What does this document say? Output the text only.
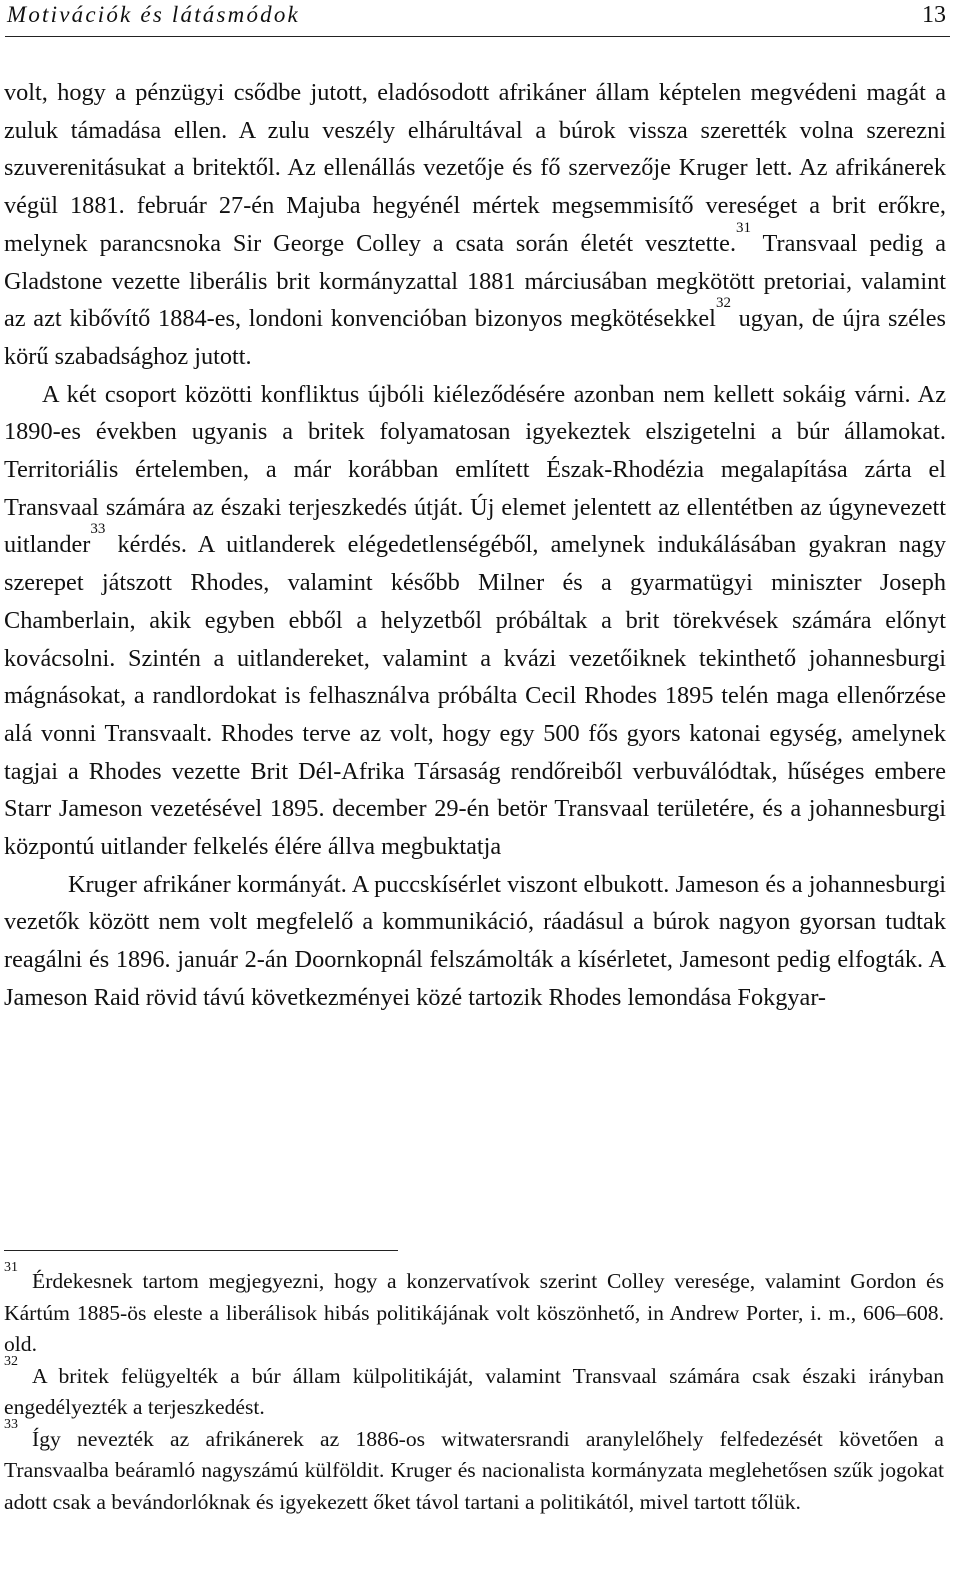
Motivációk és látásmódok	13

volt, hogy a pénzügyi csődbe jutott, eladósodott afrikáner állam képtelen megvédeni magát a zuluk támadása ellen. A zulu veszély elhárultával a búrok vissza szerették volna szerezni szuverenitásukat a britektől. Az ellenállás vezetője és fő szervezője Kruger lett. Az afrikánerek végül 1881. február 27-én Majuba hegyénél mértek megsemmisítő vereséget a brit erőkre, melynek parancsnoka Sir George Colley a csata során életét vesztette.$^{31}$ Transvaal pedig a Gladstone vezette liberális brit kormányzattal 1881 márciusában megkötött pretoriai, valamint az azt kibővítő 1884-es, londoni konvencióban bizonyos megkötésekkel$^{32}$ ugyan, de újra széles körű szabadsághoz jutott.

A két csoport közötti konfliktus újbóli kiéleződésére azonban nem kellett sokáig várni. Az 1890-es években ugyanis a britek folyamatosan igyekeztek elszigetelni a búr államokat. Territoriális értelemben, a már korábban említett Észak-Rhodézia megalapítása zárta el Transvaal számára az északi terjeszkedés útját. Új elemet jelentett az ellentétben az úgynevezett uitlander$^{33}$ kérdés. A uitlanderek elégedetlenségéből, amelynek indukálásában gyakran nagy szerepet játszott Rhodes, valamint később Milner és a gyarmatügyi miniszter Joseph Chamberlain, akik egyben ebből a helyzetből próbáltak a brit törekvések számára előnyt kovácsolni. Szintén a uitlandereket, valamint a kvázi vezetőiknek tekinthető johannesburgi mágnásokat, a randlordokat is felhasználva próbálta Cecil Rhodes 1895 telén maga ellenőrzése alá vonni Transvaalt. Rhodes terve az volt, hogy egy 500 fős gyors katonai egység, amelynek tagjai a Rhodes vezette Brit Dél-Afrika Társaság rendőreiből verbuválódtak, hűséges embere Starr Jameson vezetésével 1895. december 29-én betör Transvaal területére, és a johannesburgi központú uitlander felkelés élére állva megbuktatja

Kruger afrikáner kormányát. A puccskísérlet viszont elbukott. Jameson és a johannesburgi vezetők között nem volt megfelelő a kommunikáció, ráadásul a búrok nagyon gyorsan tudtak reagálni és 1896. január 2-án Doornkopnál felszámolták a kísérletet, Jamesont pedig elfogták. A Jameson Raid rövid távú következményei közé tartozik Rhodes lemondása Fokgyar-

$^{31}$Érdekesnek tartom megjegyezni, hogy a konzervatívok szerint Colley veresége, valamint Gordon és Kártúm 1885-ös eleste a liberálisok hibás politikájának volt köszönhető, in Andrew Porter, i. m., 606–608. old.

$^{32}$A britek felügyelték a búr állam külpolitikáját, valamint Transvaal számára csak északi irányban engedélyezték a terjeszkedést.

$^{33}$Így nevezték az afrikánerek az 1886-os witwatersrandi aranylelőhely felfedezését követően a Transvaalba beáramló nagyszámú külföldit. Kruger és nacionalista kormányzata meglehetősen szűk jogokat adott csak a bevándorlóknak és igyekezett őket távol tartani a politikától, mivel tartott tőlük.
